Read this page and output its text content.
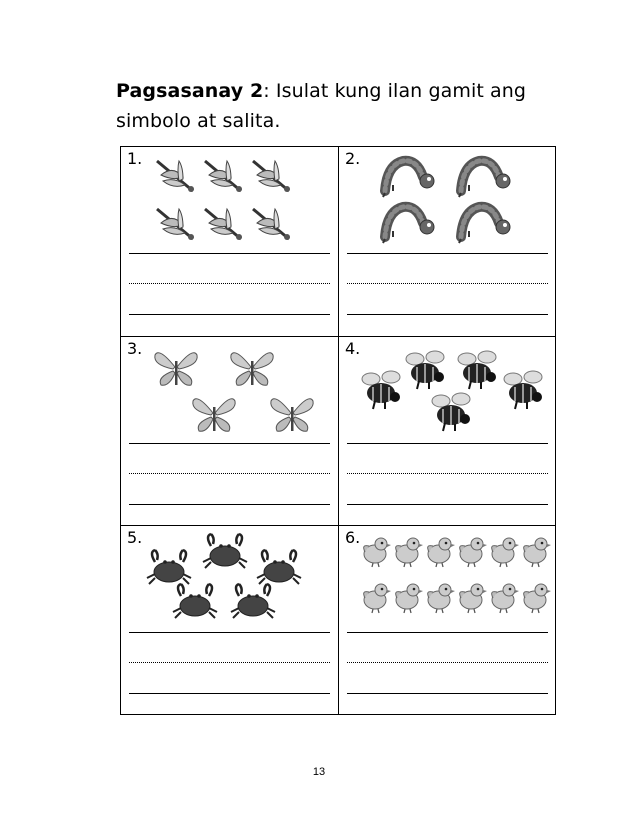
Pagsasanay 2: Isulat kung ilan gamit ang simbolo at salita.
1.	2.
3.	4.
5.	6.
13
